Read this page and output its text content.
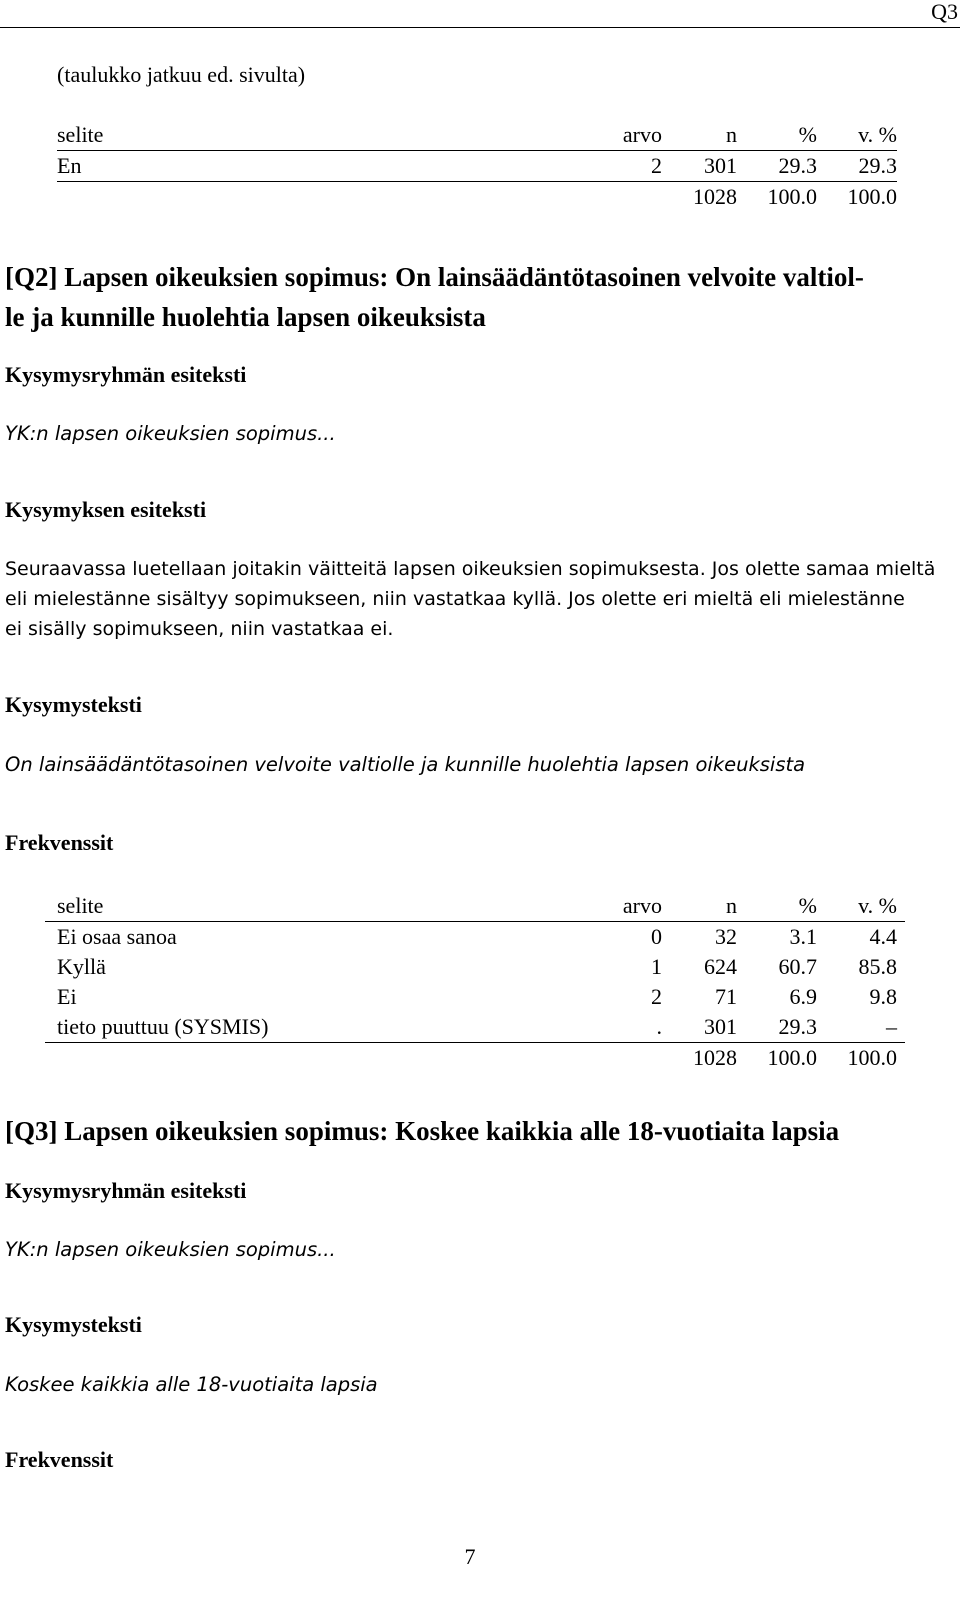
Q3
(taulukko jatkuu ed. sivulta)
selite	arvo	n	%	v. %
En	2	301	29.3	29.3
		1028	100.0	100.0
[Q2] Lapsen oikeuksien sopimus: On lainsäädäntötasoinen velvoite valtiol-
le ja kunnille huolehtia lapsen oikeuksista
Kysymysryhmän esiteksti
YK:n lapsen oikeuksien sopimus...
Kysymyksen esiteksti
Seuraavassa luetellaan joitakin väitteitä lapsen oikeuksien sopimuksesta. Jos olette samaa mieltä
eli mielestänne sisältyy sopimukseen, niin vastatkaa kyllä. Jos olette eri mieltä eli mielestänne
ei sisälly sopimukseen, niin vastatkaa ei.
Kysymysteksti
On lainsäädäntötasoinen velvoite valtiolle ja kunnille huolehtia lapsen oikeuksista
Frekvenssit
selite	arvo	n	%	v. %
Ei osaa sanoa	0	32	3.1	4.4
Kyllä	1	624	60.7	85.8
Ei	2	71	6.9	9.8
tieto puuttuu (SYSMIS)	.	301	29.3	–
		1028	100.0	100.0
[Q3] Lapsen oikeuksien sopimus: Koskee kaikkia alle 18-vuotiaita lapsia
Kysymysryhmän esiteksti
YK:n lapsen oikeuksien sopimus...
Kysymysteksti
Koskee kaikkia alle 18-vuotiaita lapsia
Frekvenssit
7
